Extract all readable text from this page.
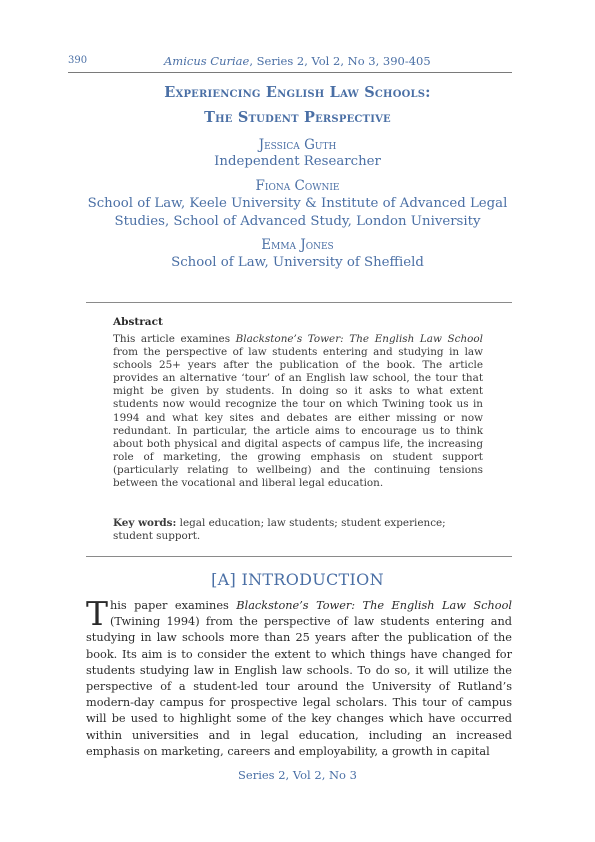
390	Amicus Curiae, Series 2, Vol 2, No 3, 390-405
Experiencing English Law Schools:
The Student Perspective
Jessica Guth
Independent Researcher
Fiona Cownie
School of Law, Keele University & Institute of Advanced Legal
Studies, School of Advanced Study, London University
Emma Jones
School of Law, University of Sheffield
Abstract
This article examines Blackstone’s Tower: The English Law School from the perspective of law students entering and studying in law schools 25+ years after the publication of the book. The article provides an alternative ‘tour’ of an English law school, the tour that might be given by students. In doing so it asks to what extent students now would recognize the tour on which Twining took us in 1994 and what key sites and debates are either missing or now redundant. In particular, the article aims to encourage us to think about both physical and digital aspects of campus life, the increasing role of marketing, the growing emphasis on student support (particularly relating to wellbeing) and the continuing tensions between the vocational and liberal legal education.
Key words: legal education; law students; student experience; student support.
[A] INTRODUCTION
This paper examines Blackstone’s Tower: The English Law School (Twining 1994) from the perspective of law students entering and studying in law schools more than 25 years after the publication of the book. Its aim is to consider the extent to which things have changed for students studying law in English law schools. To do so, it will utilize the perspective of a student-led tour around the University of Rutland’s modern-day campus for prospective legal scholars. This tour of campus will be used to highlight some of the key changes which have occurred within universities and in legal education, including an increased emphasis on marketing, careers and employability, a growth in capital
Series 2, Vol 2, No 3
